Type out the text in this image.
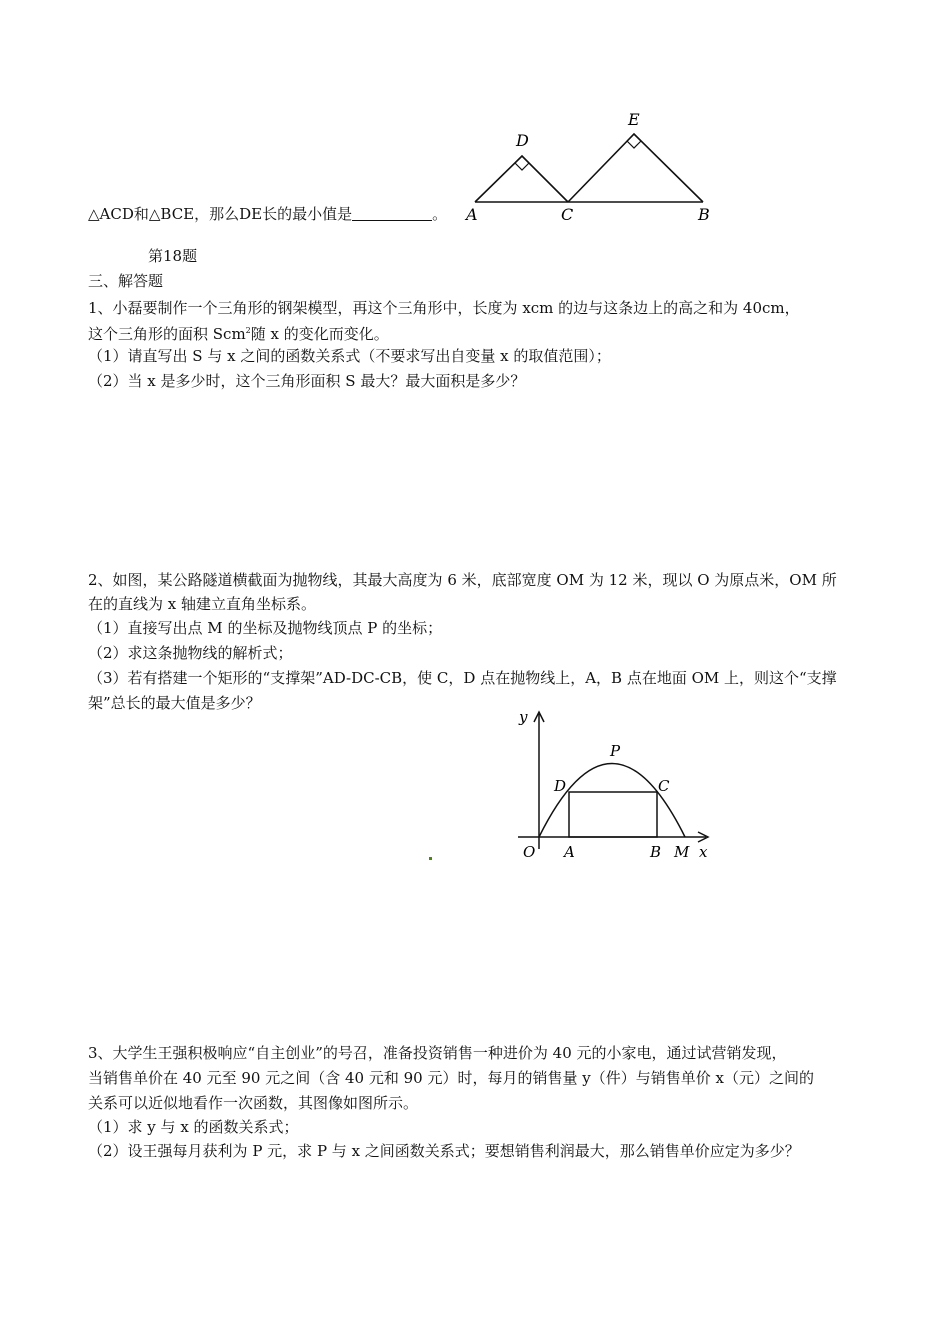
D
E
A	C	B
△ACD和△BCE，那么DE长的最小值是	。
第18题
三、解答题
1、小磊要制作一个三角形的钢架模型，再这个三角形中，长度为 xcm 的边与这条边上的高之和为 40cm，
这个三角形的面积 Scm$^2$随 x 的变化而变化。
（1）请直写出 S 与 x 之间的函数关系式（不要求写出自变量 x 的取值范围）；
（2）当 x 是多少时，这个三角形面积 S 最大？最大面积是多少？
2、如图，某公路隧道横截面为抛物线，其最大高度为 6 米，底部宽度 OM 为 12 米，现以 O 为原点米，OM 所
在的直线为 x 轴建立直角坐标系。
（1）直接写出点 M 的坐标及抛物线顶点 P 的坐标；
（2）求这条抛物线的解析式；
（3）若有搭建一个矩形的“支撑架”AD-DC-CB，使 C，D 点在抛物线上，A，B 点在地面 OM 上，则这个“支撑
架”总长的最大值是多少？
y
x
O A	B M
D	C
P
3、大学生王强积极响应“自主创业”的号召，准备投资销售一种进价为 40 元的小家电，通过试营销发现，
当销售单价在 40 元至 90 元之间（含 40 元和 90 元）时，每月的销售量 y（件）与销售单价 x（元）之间的
关系可以近似地看作一次函数，其图像如图所示。
（1）求 y 与 x 的函数关系式；
（2）设王强每月获利为 P 元，求 P 与 x 之间函数关系式；要想销售利润最大，那么销售单价应定为多少？
